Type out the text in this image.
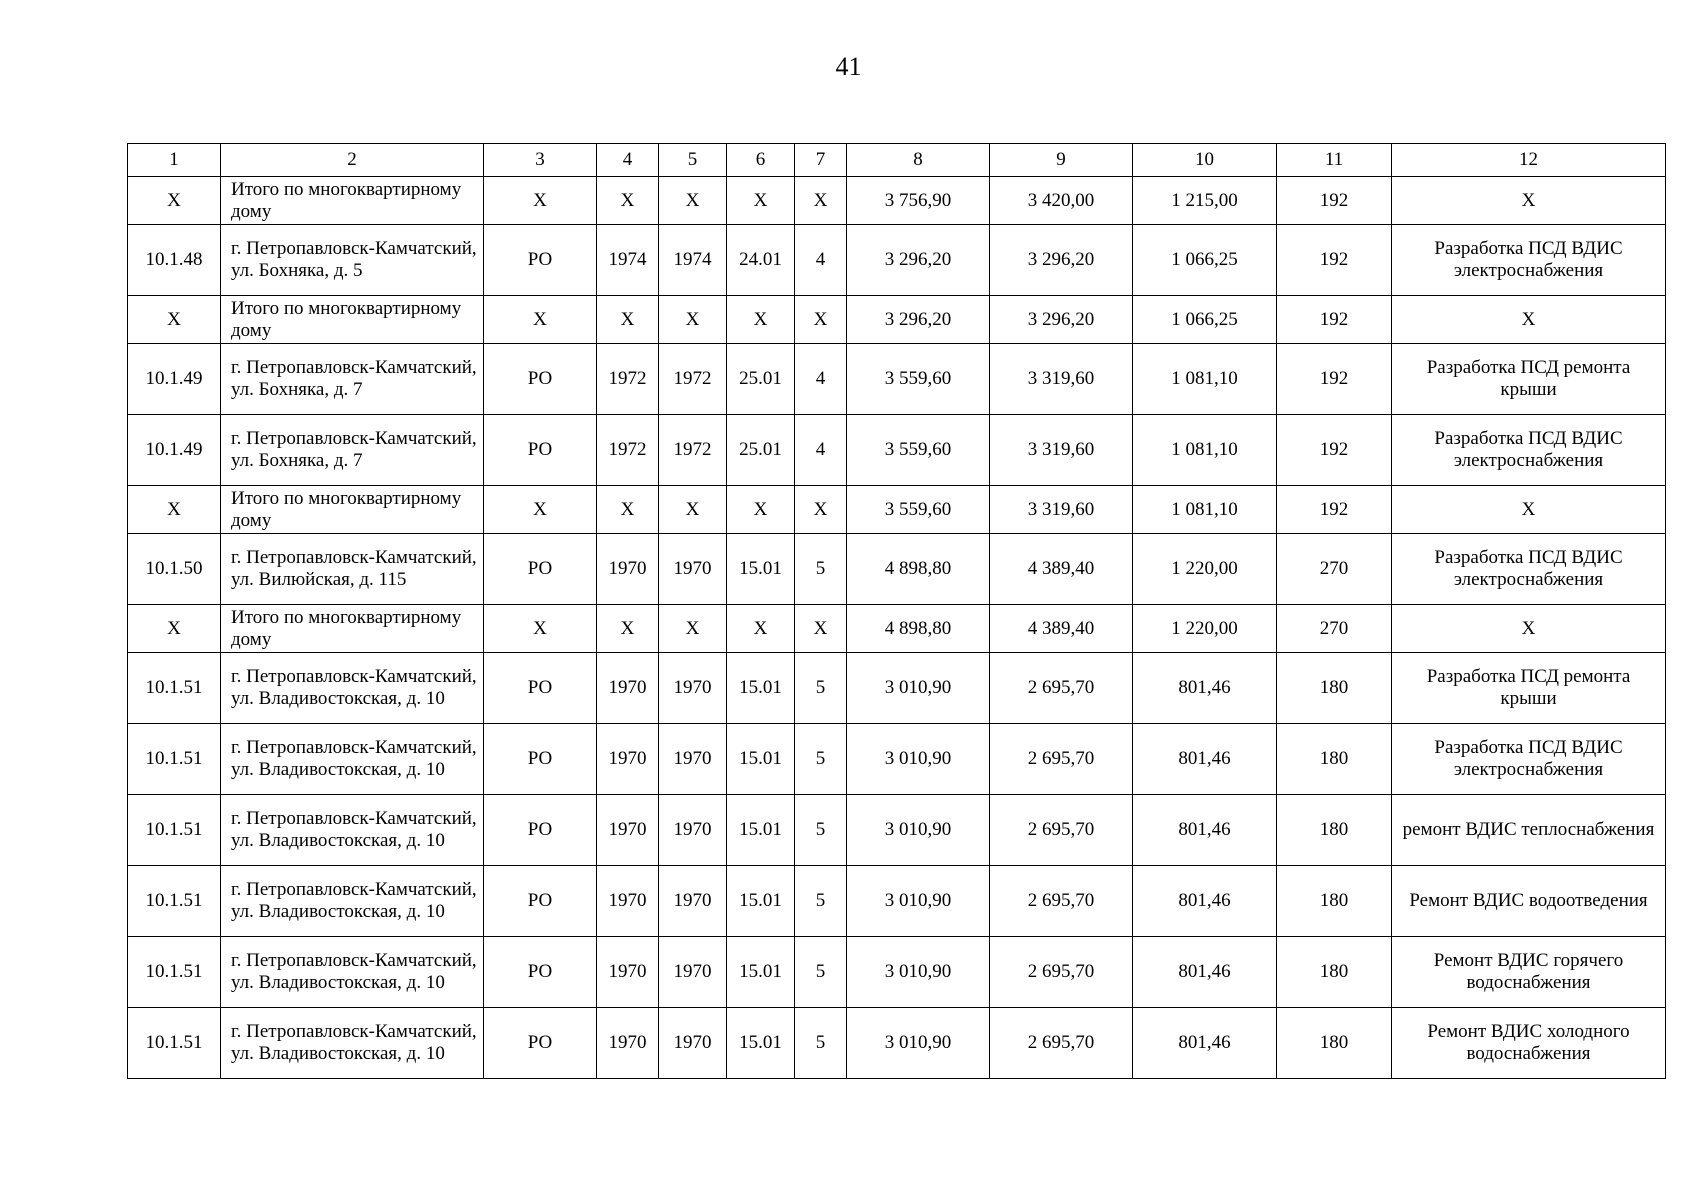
41
1	2	3	4	5	6	7	8	9	10	11	12
Х	Итого по многоквартирному дому	Х	Х	Х	Х	Х	3 756,90	3 420,00	1 215,00	192	Х
10.1.48	г. Петропавловск-Камчатский, ул. Бохняка, д. 5	РО	1974	1974	24.01	4	3 296,20	3 296,20	1 066,25	192	Разработка ПСД ВДИС электроснабжения
Х	Итого по многоквартирному дому	Х	Х	Х	Х	Х	3 296,20	3 296,20	1 066,25	192	Х
10.1.49	г. Петропавловск-Камчатский, ул. Бохняка, д. 7	РО	1972	1972	25.01	4	3 559,60	3 319,60	1 081,10	192	Разработка ПСД ремонта крыши
10.1.49	г. Петропавловск-Камчатский, ул. Бохняка, д. 7	РО	1972	1972	25.01	4	3 559,60	3 319,60	1 081,10	192	Разработка ПСД ВДИС электроснабжения
Х	Итого по многоквартирному дому	Х	Х	Х	Х	Х	3 559,60	3 319,60	1 081,10	192	Х
10.1.50	г. Петропавловск-Камчатский, ул. Вилюйская, д. 115	РО	1970	1970	15.01	5	4 898,80	4 389,40	1 220,00	270	Разработка ПСД ВДИС электроснабжения
Х	Итого по многоквартирному дому	Х	Х	Х	Х	Х	4 898,80	4 389,40	1 220,00	270	Х
10.1.51	г. Петропавловск-Камчатский, ул. Владивостокская, д. 10	РО	1970	1970	15.01	5	3 010,90	2 695,70	801,46	180	Разработка ПСД ремонта крыши
10.1.51	г. Петропавловск-Камчатский, ул. Владивостокская, д. 10	РО	1970	1970	15.01	5	3 010,90	2 695,70	801,46	180	Разработка ПСД ВДИС электроснабжения
10.1.51	г. Петропавловск-Камчатский, ул. Владивостокская, д. 10	РО	1970	1970	15.01	5	3 010,90	2 695,70	801,46	180	ремонт ВДИС теплоснабжения
10.1.51	г. Петропавловск-Камчатский, ул. Владивостокская, д. 10	РО	1970	1970	15.01	5	3 010,90	2 695,70	801,46	180	Ремонт ВДИС водоотведения
10.1.51	г. Петропавловск-Камчатский, ул. Владивостокская, д. 10	РО	1970	1970	15.01	5	3 010,90	2 695,70	801,46	180	Ремонт ВДИС горячего водоснабжения
10.1.51	г. Петропавловск-Камчатский, ул. Владивостокская, д. 10	РО	1970	1970	15.01	5	3 010,90	2 695,70	801,46	180	Ремонт ВДИС холодного водоснабжения
